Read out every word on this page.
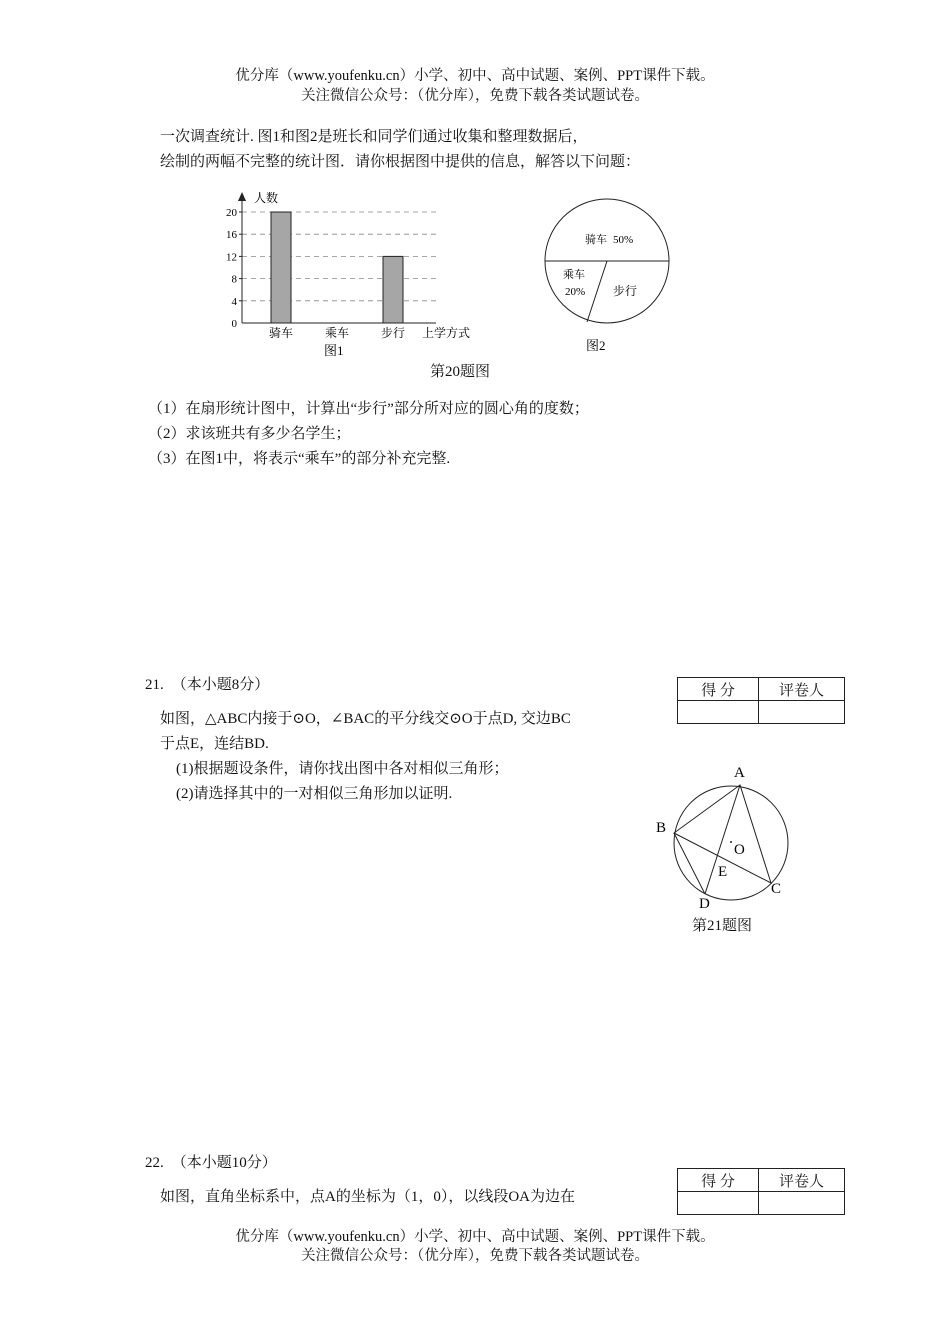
优分库（www.youfenku.cn）小学、初中、高中试题、案例、PPT课件下载。
关注微信公众号：（优分库），免费下载各类试题试卷。
一次调查统计. 图1和图2是班长和同学们通过收集和整理数据后，
绘制的两幅不完整的统计图．请你根据图中提供的信息，解答以下问题：
0
4
8
12
16
20
骑车	乘车	步行
人数
上学方式
图1
骑车 50%
乘车
20% 步行
图2
第20题图
（1）在扇形统计图中，计算出“步行”部分所对应的圆心角的度数；
（2）求该班共有多少名学生；
（3）在图1中，将表示“乘车”的部分补充完整.
21. （本小题8分）	得 分	评卷人

如图，△ABC内接于⊙O，∠BAC的平分线交⊙O于点D, 交边BC
于点E，连结BD.
(1)根据题设条件，请你找出图中各对相似三角形；
(2)请选择其中的一对相似三角形加以证明.
A
B
C
D
E
O
第21题图
22. （本小题10分）
得 分	评卷人

如图，直角坐标系中，点A的坐标为（1，0），以线段OA为边在
优分库（www.youfenku.cn）小学、初中、高中试题、案例、PPT课件下载。
关注微信公众号：（优分库），免费下载各类试题试卷。
